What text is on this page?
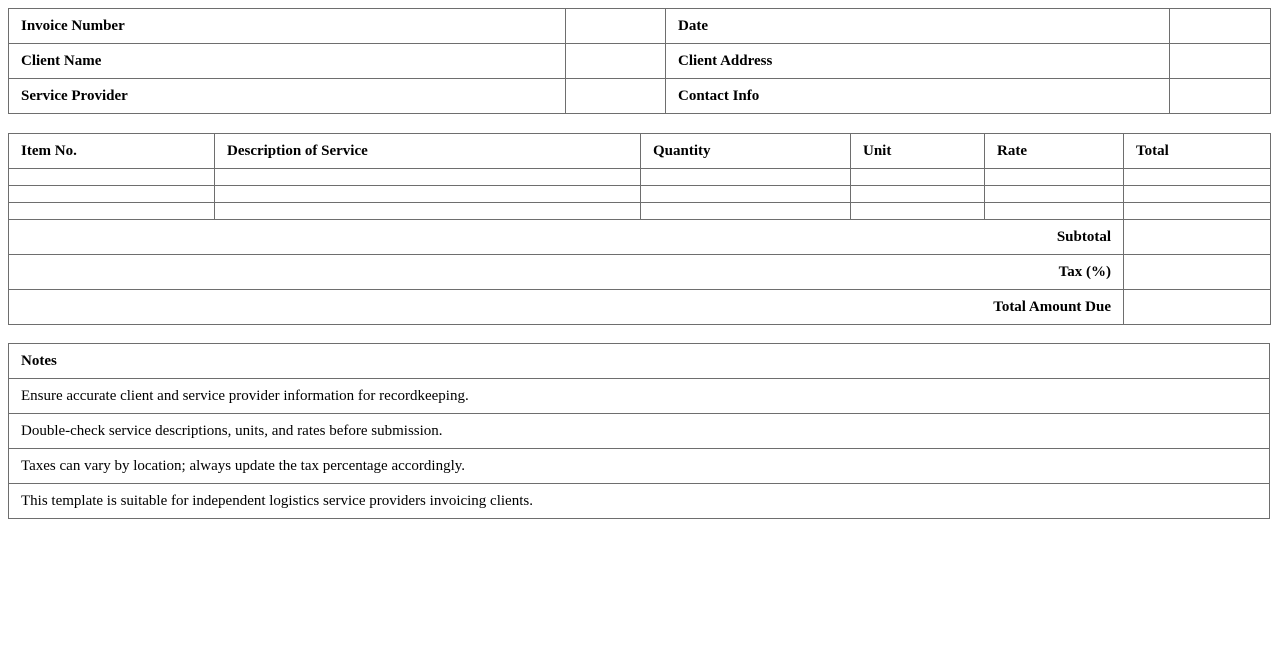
Invoice Number		Date	
Client Name		Client Address	
Service Provider		Contact Info	
Item No.	Description of Service	Quantity	Unit	Rate	Total

Subtotal					
Tax (%)					
Total Amount Due					
Notes
Ensure accurate client and service provider information for recordkeeping.
Double-check service descriptions, units, and rates before submission.
Taxes can vary by location; always update the tax percentage accordingly.
This template is suitable for independent logistics service providers invoicing clients.
